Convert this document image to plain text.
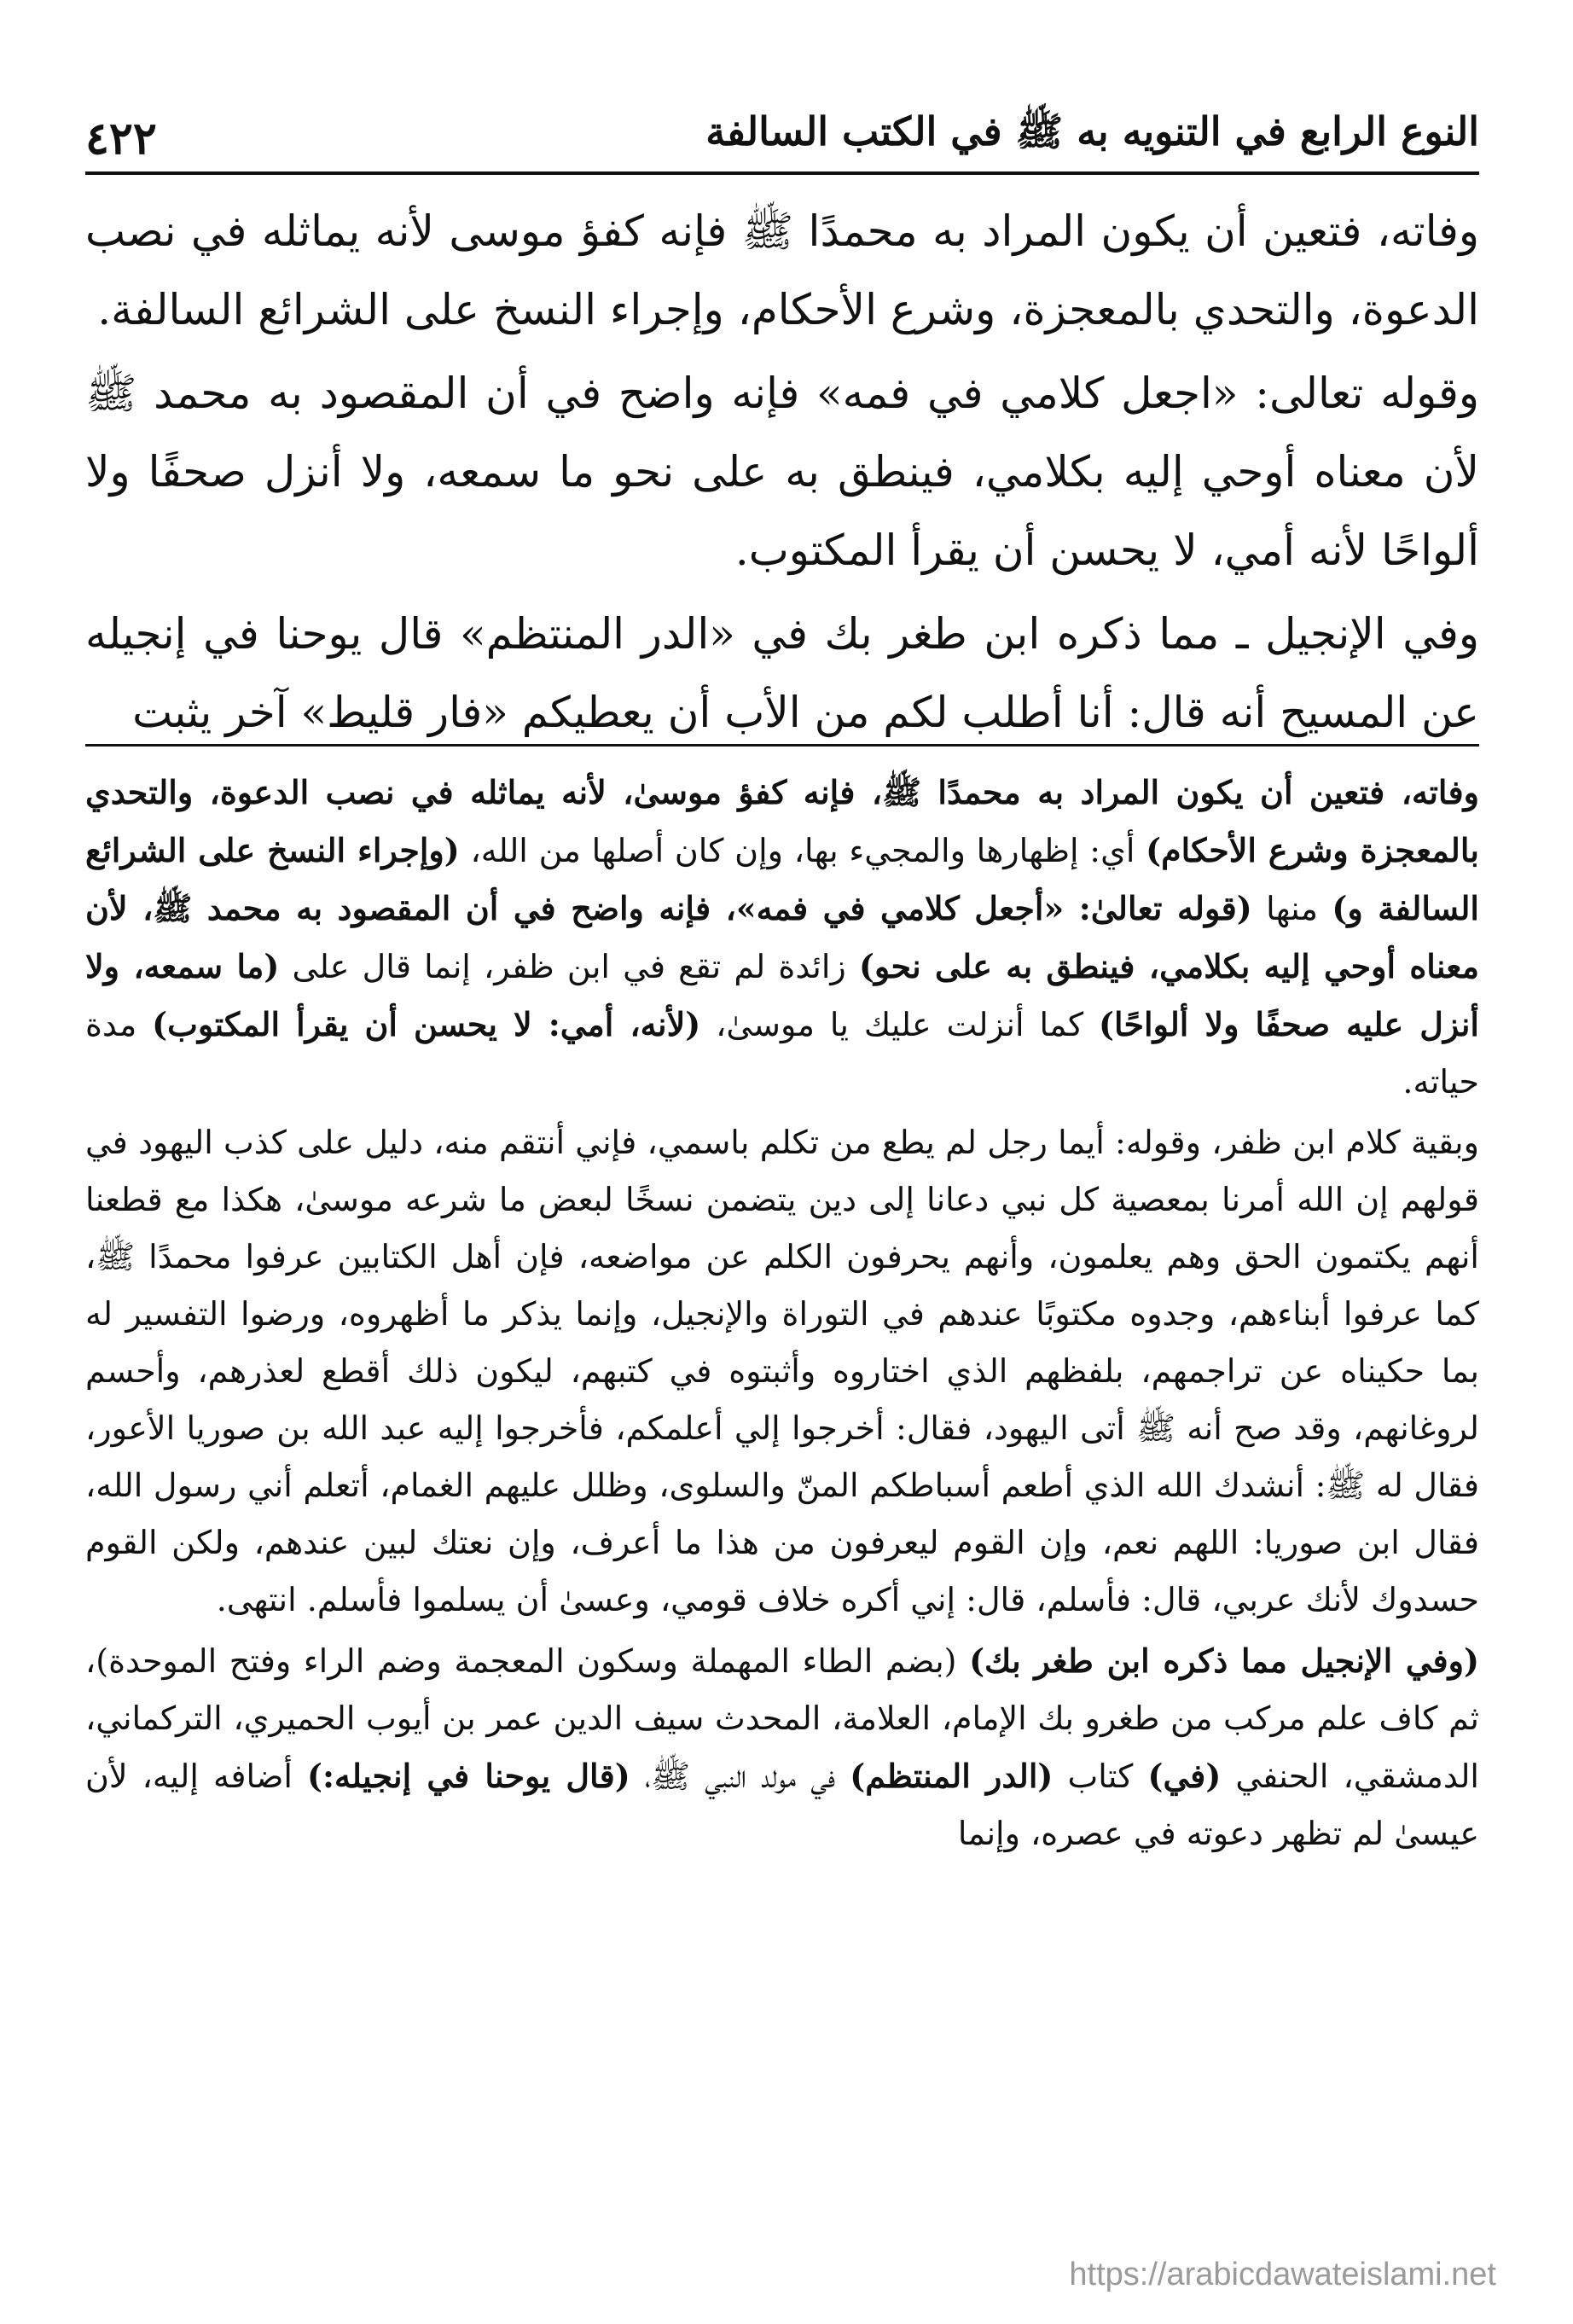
النوع الرابع في التنويه به ﷺ في الكتب السالفة
٤٢٢

وفاته، فتعين أن يكون المراد به محمدًا ﷺ فإنه كفؤ موسى لأنه يماثله في نصب الدعوة، والتحدي بالمعجزة، وشرع الأحكام، وإجراء النسخ على الشرائع السالفة.

وقوله تعالى: «اجعل كلامي في فمه» فإنه واضح في أن المقصود به محمد ﷺ لأن معناه أوحي إليه بكلامي، فينطق به على نحو ما سمعه، ولا أنزل صحفًا ولا ألواحًا لأنه أمي، لا يحسن أن يقرأ المكتوب.

وفي الإنجيل ـ مما ذكره ابن طغر بك في «الدر المنتظم» قال يوحنا في إنجيله عن المسيح أنه قال: أنا أطلب لكم من الأب أن يعطيكم «فار قليط» آخر يثبت

وفاته، فتعين أن يكون المراد به محمدًا ﷺ، فإنه كفؤ موسىٰ، لأنه يماثله في نصب الدعوة، والتحدي بالمعجزة وشرع الأحكام) أي: إظهارها والمجيء بها، وإن كان أصلها من الله، (وإجراء النسخ على الشرائع السالفة و) منها (قوله تعالىٰ: «أجعل كلامي في فمه»، فإنه واضح في أن المقصود به محمد ﷺ، لأن معناه أوحي إليه بكلامي، فينطق به على نحو) زائدة لم تقع في ابن ظفر، إنما قال على (ما سمعه، ولا أنزل عليه صحفًا ولا ألواحًا) كما أنزلت عليك يا موسىٰ، (لأنه، أمي: لا يحسن أن يقرأ المكتوب) مدة حياته.

وبقية كلام ابن ظفر، وقوله: أيما رجل لم يطع من تكلم باسمي، فإني أنتقم منه، دليل على كذب اليهود في قولهم إن الله أمرنا بمعصية كل نبي دعانا إلى دين يتضمن نسخًا لبعض ما شرعه موسىٰ، هكذا مع قطعنا أنهم يكتمون الحق وهم يعلمون، وأنهم يحرفون الكلم عن مواضعه، فإن أهل الكتابين عرفوا محمدًا ﷺ، كما عرفوا أبناءهم، وجدوه مكتوبًا عندهم في التوراة والإنجيل، وإنما يذكر ما أظهروه، ورضوا التفسير له بما حكيناه عن تراجمهم، بلفظهم الذي اختاروه وأثبتوه في كتبهم، ليكون ذلك أقطع لعذرهم، وأحسم لروغانهم، وقد صح أنه ﷺ أتى اليهود، فقال: أخرجوا إلي أعلمكم، فأخرجوا إليه عبد الله بن صوريا الأعور، فقال له ﷺ: أنشدك الله الذي أطعم أسباطكم المنّ والسلوى، وظلل عليهم الغمام، أتعلم أني رسول الله، فقال ابن صوريا: اللهم نعم، وإن القوم ليعرفون من هذا ما أعرف، وإن نعتك لبين عندهم، ولكن القوم حسدوك لأنك عربي، قال: فأسلم، قال: إني أكره خلاف قومي، وعسىٰ أن يسلموا فأسلم. انتهى.

(وفي الإنجيل مما ذكره ابن طغر بك) (بضم الطاء المهملة وسكون المعجمة وضم الراء وفتح الموحدة)، ثم كاف علم مركب من طغرو بك الإمام، العلامة، المحدث سيف الدين عمر بن أيوب الحميري، التركماني، الدمشقي، الحنفي (في) كتاب (الدر المنتظم) في مولد النبي ﷺ، (قال يوحنا في إنجيله:) أضافه إليه، لأن عيسىٰ لم تظهر دعوته في عصره، وإنما

https://arabicdawateislami.net
